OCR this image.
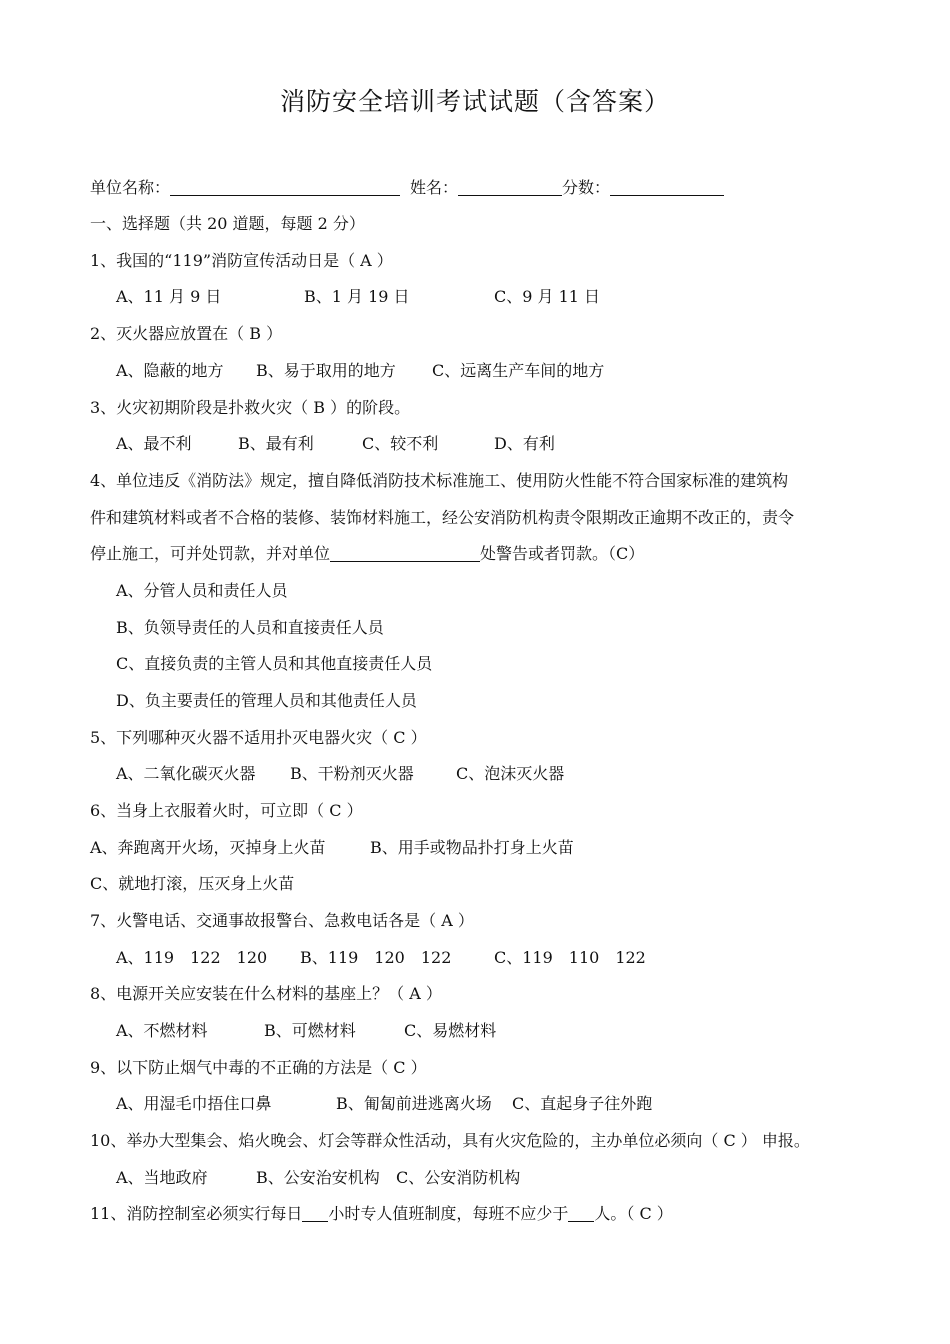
消防安全培训考试试题（含答案）
单位名称：	姓名：	分数：
一、选择题（共 20 道题，每题 2 分）
1、我国的“119”消防宣传活动日是（ A ）
A、11 月 9 日	B、1 月 19 日	C、9 月 11 日
2、灭火器应放置在（ B ）
A、隐蔽的地方 B、易于取用的地方 C、远离生产车间的地方
3、火灾初期阶段是扑救火灾（ B ）的阶段。
A、最不利	B、最有利	C、较不利	D、有利
4、单位违反《消防法》规定，擅自降低消防技术标准施工、使用防火性能不符合国家标准的建筑构
件和建筑材料或者不合格的装修、装饰材料施工，经公安消防机构责令限期改正逾期不改正的，责令
停止施工，可并处罚款，并对单位	处警告或者罚款。（C）
A、分管人员和责任人员
B、负领导责任的人员和直接责任人员
C、直接负责的主管人员和其他直接责任人员
D、负主要责任的管理人员和其他责任人员
5、下列哪种灭火器不适用扑灭电器火灾（ C ）
A、二氧化碳灭火器 B、干粉剂灭火器	C、泡沫灭火器
6、当身上衣服着火时，可立即（ C ）
A、奔跑离开火场，灭掉身上火苗	B、用手或物品扑打身上火苗
C、就地打滚，压灭身上火苗
7、火警电话、交通事故报警台、急救电话各是（ A ）
A、119　122　120 B、119　120　122	C、119　110　122
8、电源开关应安装在什么材料的基座上？（ A ）
A、不燃材料	B、可燃材料	C、易燃材料
9、以下防止烟气中毒的不正确的方法是（ C ）
A、用湿毛巾捂住口鼻	B、匍匐前进逃离火场 C、直起身子往外跑
10、举办大型集会、焰火晚会、灯会等群众性活动，具有火灾危险的，主办单位必须向（ C ） 申报。
A、当地政府	B、公安治安机构 C、公安消防机构
11、消防控制室必须实行每日 小时专人值班制度，每班不应少于 人。（ C ）
